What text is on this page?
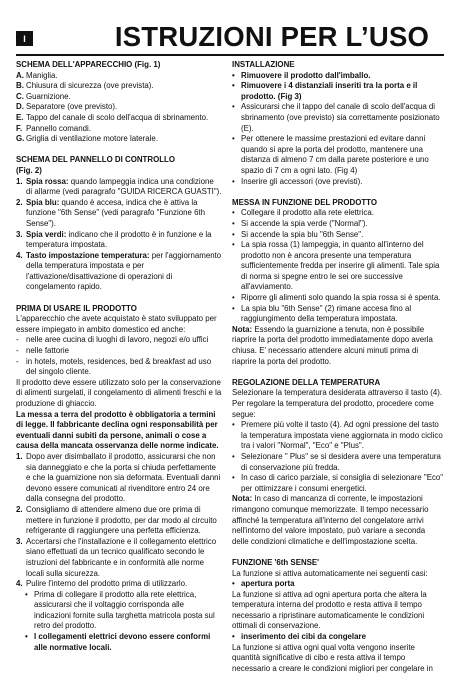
I	ISTRUZIONI PER L’USO
SCHEMA DELL'APPARECCHIO (Fig. 1)
A. Maniglia.
B. Chiusura di sicurezza (ove prevista).
C. Guarnizione.
D. Separatore (ove previsto).
E. Tappo del canale di scolo dell'acqua di sbrinamento.
F. Pannello comandi.
G. Griglia di ventilazione motore laterale.
SCHEMA DEL PANNELLO DI CONTROLLO
(Fig. 2)
1. Spia rossa: quando lampeggia indica una condizione di allarme (vedi paragrafo "GUIDA RICERCA GUASTI").
2. Spia blu: quando è accesa, indica che è attiva la funzione "6th Sense" (vedi paragrafo "Funzione 6th Sense").
3. Spia verdi: indicano che il prodotto è in funzione e la temperatura impostata.
4. Tasto impostazione temperatura: per l'aggiornamento della temperatura impostata e per l'attivazione/disattivazione di operazioni di congelamento rapido.
PRIMA DI USARE IL PRODOTTO
L'apparecchio che avete acquistato è stato sviluppato per essere impiegato in ambito domestico ed anche:
- nelle aree cucina di luoghi di lavoro, negozi e/o uffici
- nelle fattorie
- in hotels, motels, residences, bed & breakfast ad uso del singolo cliente.
Il prodotto deve essere utilizzato solo per la conservazione di alimenti surgelati, il congelamento di alimenti freschi e la produzione di ghiaccio.
La messa a terra del prodotto è obbligatoria a termini di legge. Il fabbricante declina ogni responsabilità per eventuali danni subiti da persone, animali o cose a causa della mancata osservanza delle norme indicate.
1. Dopo aver disimballato il prodotto, assicurarsi che non sia danneggiato e che la porta si chiuda perfettamente e che la guarnizione non sia deformata. Eventuali danni devono essere comunicati al rivenditore entro 24 ore dalla consegna del prodotto.
2. Consigliamo di attendere almeno due ore prima di mettere in funzione il prodotto, per dar modo al circuito refrigerante di raggiungere una perfetta efficienza.
3. Accertarsi che l'installazione e il collegamento elettrico siano effettuati da un tecnico qualificato secondo le istruzioni del fabbricante e in conformità alle norme locali sulla sicurezza.
4. Pulire l'interno del prodotto prima di utilizzarlo.
• Prima di collegare il prodotto alla rete elettrica, assicurarsi che il voltaggio corrisponda alle indicazioni fornite sulla targhetta matricola posta sul retro del prodotto.
• I collegamenti elettrici devono essere conformi alle normative locali.
INSTALLAZIONE
• Rimuovere il prodotto dall'imballo.
• Rimuovere i 4 distanziali inseriti tra la porta e il prodotto. (Fig 3)
• Assicurarsi che il tappo del canale di scolo dell'acqua di sbrinamento (ove previsto) sia correttamente posizionato (E).
• Per ottenere le massime prestazioni ed evitare danni quando si apre la porta del prodotto, mantenere una distanza di almeno 7 cm dalla parete posteriore e uno spazio di 7 cm a ogni lato. (Fig 4)
• Inserire gli accessori (ove previsti).
MESSA IN FUNZIONE DEL PRODOTTO
• Collegare il prodotto alla rete elettrica.
• Si accende la spia verde ("Normal").
• Si accende la spia blu "6th Sense".
• La spia rossa (1) lampeggia, in quanto all'interno del prodotto non è ancora presente una temperatura sufficientemente fredda per inserire gli alimenti. Tale spia di norma si spegne entro le sei ore successive all'avviamento.
• Riporre gli alimenti solo quando la spia rossa si è spenta.
• La spia blu "6th Sense" (2) rimane accesa fino al raggiungimento della temperatura impostata.
Nota: Essendo la guarnizione a tenuta, non è possibile riaprire la porta del prodotto immediatamente dopo averla chiusa. E' necessario attendere alcuni minuti prima di riaprire la porta del prodotto.
REGOLAZIONE DELLA TEMPERATURA
Selezionare la temperatura desiderata attraverso il tasto (4). Per regolare la temperatura del prodotto, procedere come segue:
• Premere più volte il tasto (4). Ad ogni pressione del tasto la temperatura impostata viene aggiornata in modo ciclico tra i valori "Normal", "Eco" e "Plus".
• Selezionare " Plus" se si desidera avere una temperatura di conservazione più fredda.
• In caso di carico parziale, si consiglia di selezionare "Eco" per ottimizzare i consumi energetici.
Nota: In caso di mancanza di corrente, le impostazioni rimangono comunque memorizzate. Il tempo necessario affinché la temperatura all'interno del congelatore arrivi nell'intorno del valore impostato, può variare a seconda delle condizioni climatiche e dell'impostazione scelta.
FUNZIONE '6th SENSE'
La funzione si attiva automaticamente nei seguenti casi:
• apertura porta
La funzione si attiva ad ogni apertura porta che altera la temperatura interna del prodotto e resta attiva il tempo necessario a ripristinare automaticamente le condizioni ottimali di conservazione.
• inserimento dei cibi da congelare
La funzione si attiva ogni qual volta vengono inserite quantità significative di cibo e resta attiva il tempo necessario a creare le condizioni migliori per congelare in
